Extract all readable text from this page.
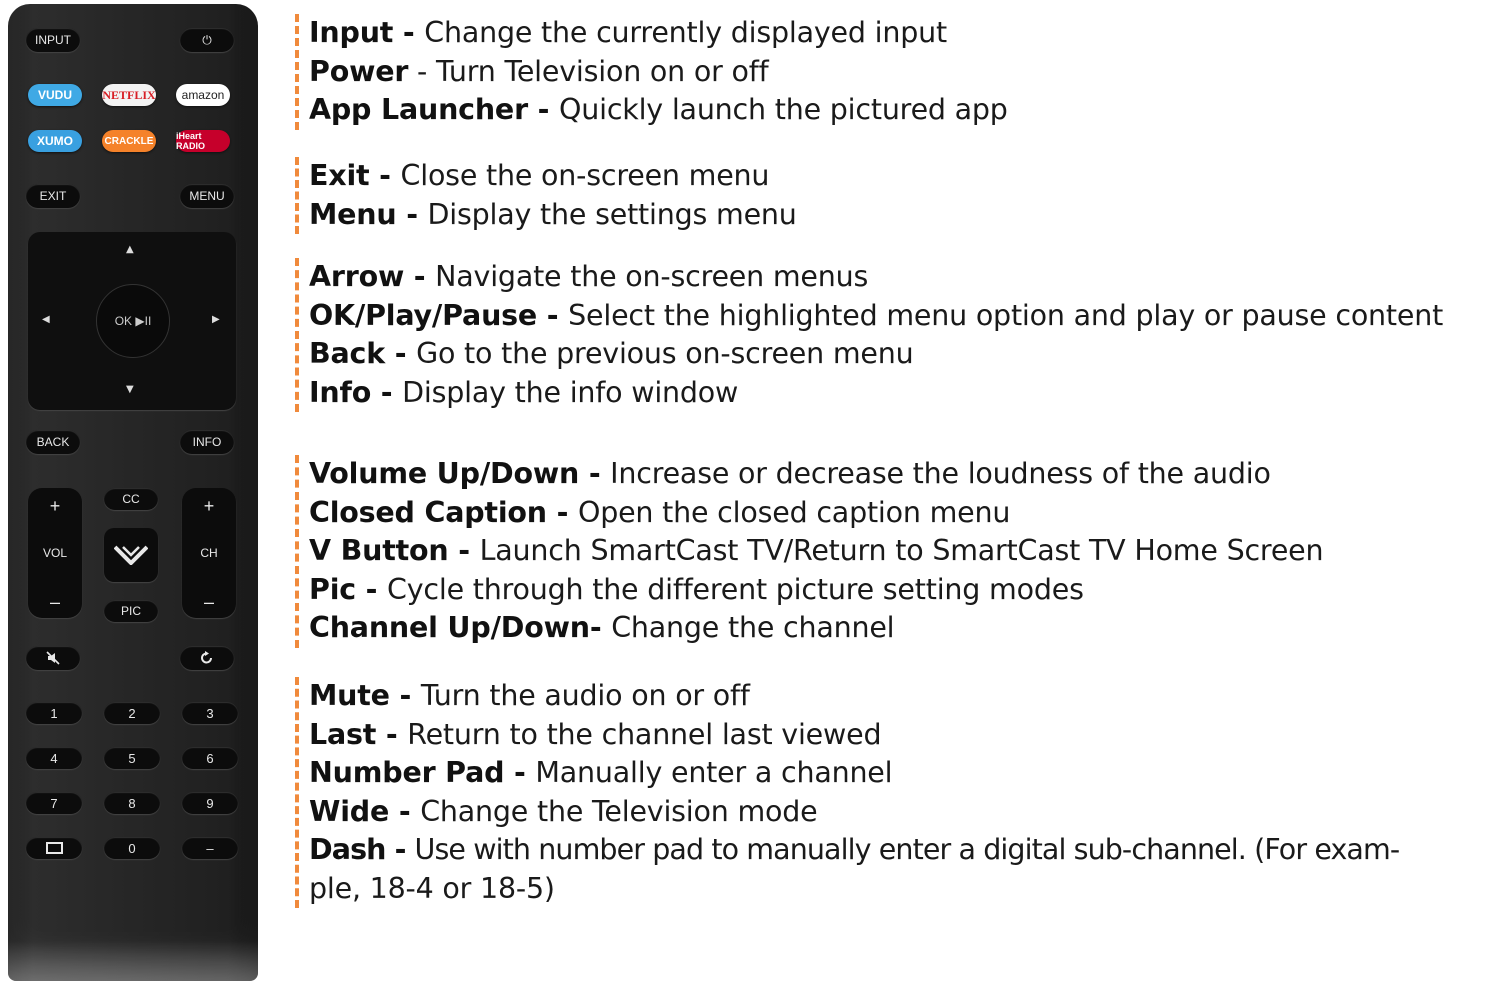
INPUT	⏻
VUDU	NETFLIX	amazon
XUMO	CRACKLE	iHeart RADIO
EXIT	MENU
▲
▼
◀	▶
OK ▶II
BACK	INFO
+
VOL
–
CC
PIC
+
CH
–
1	2	3
4	5	6
7	8	9
0	–
Input - Change the currently displayed input
Power - Turn Television on or off
App Launcher - Quickly launch the pictured app
Exit - Close the on-screen menu
Menu - Display the settings menu
Arrow - Navigate the on-screen menus
OK/Play/Pause - Select the highlighted menu option and play or pause content
Back - Go to the previous on-screen menu
Info - Display the info window
Volume Up/Down - Increase or decrease the loudness of the audio
Closed Caption - Open the closed caption menu
V Button - Launch SmartCast TV/Return to SmartCast TV Home Screen
Pic - Cycle through the different picture setting modes
Channel Up/Down- Change the channel
Mute - Turn the audio on or off
Last - Return to the channel last viewed
Number Pad - Manually enter a channel
Wide - Change the Television mode
Dash - Use with number pad to manually enter a digital sub-channel. (For exam-
ple, 18-4 or 18-5)
